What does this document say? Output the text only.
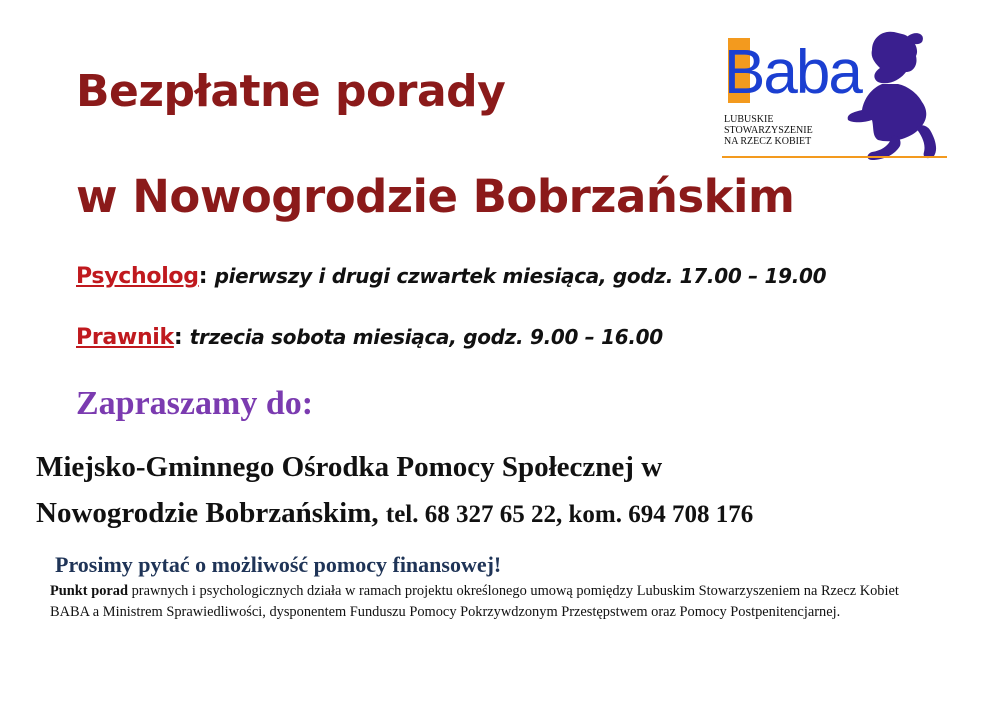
Bezpłatne porady
w Nowogrodzie Bobrzańskim
Psycholog: pierwszy i drugi czwartek miesiąca, godz. 17.00 – 19.00
Prawnik: trzecia sobota miesiąca, godz. 9.00 – 16.00
Zapraszamy do:
Miejsko-Gminnego Ośrodka Pomocy Społecznej w
Nowogrodzie Bobrzańskim, tel. 68 327 65 22, kom. 694 708 176
Prosimy pytać o możliwość pomocy finansowej!
Punkt porad prawnych i psychologicznych działa w ramach projektu określonego umową pomiędzy Lubuskim Stowarzyszeniem na Rzecz Kobiet BABA a Ministrem Sprawiedliwości, dysponentem Funduszu Pomocy Pokrzywdzonym Przestępstwem oraz Pomocy Postpenitencjarnej.
Baba
LUBUSKIE
STOWARZYSZENIE
NA RZECZ KOBIET
